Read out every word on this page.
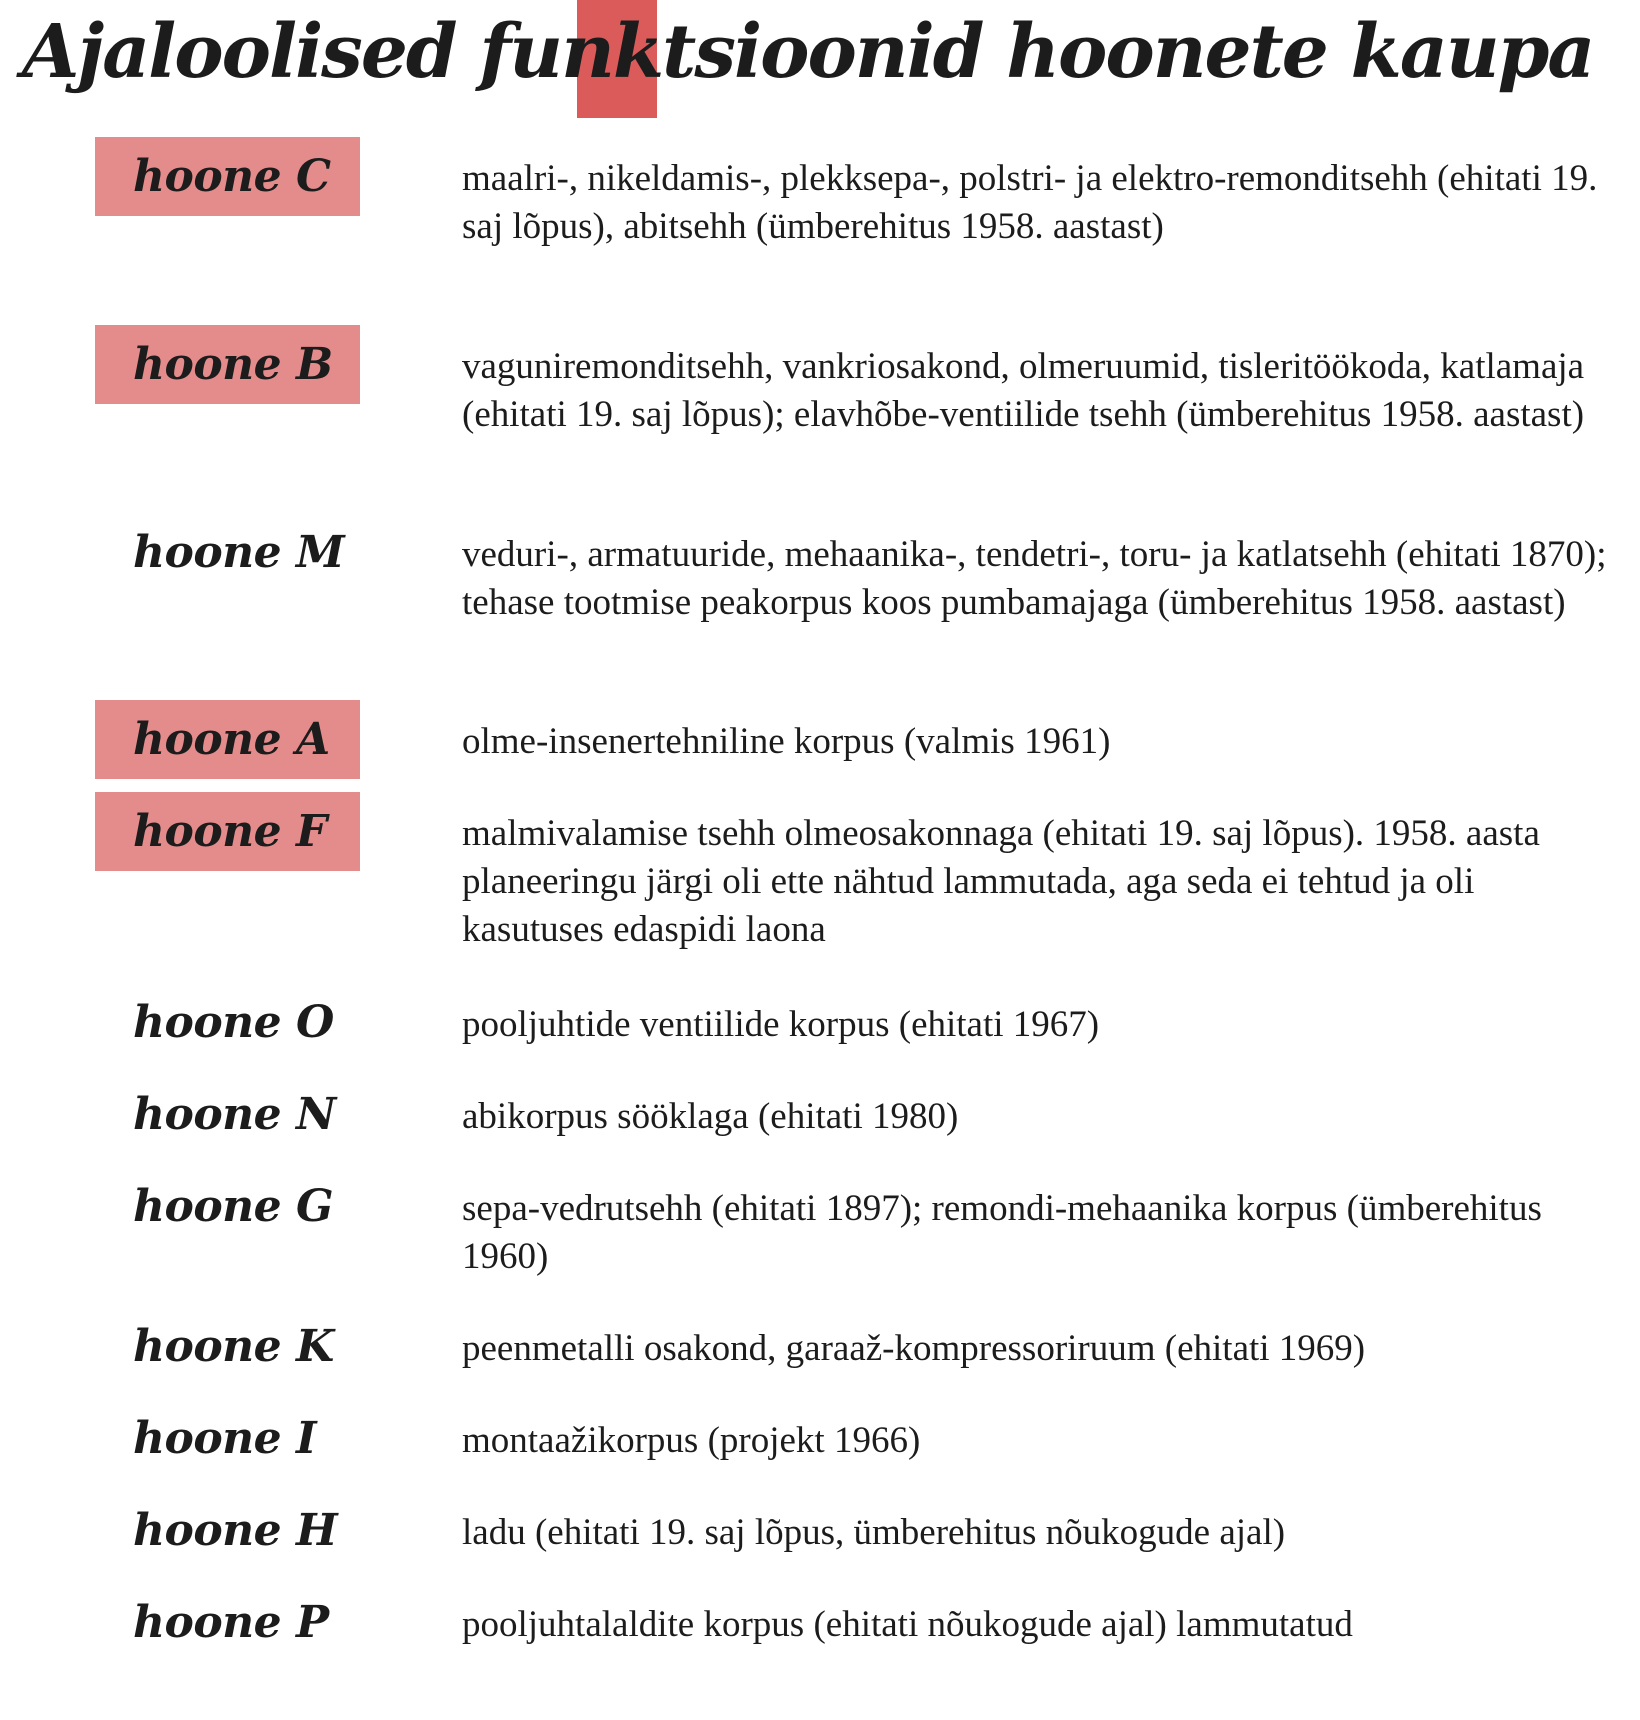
Ajaloolised funktsioonid hoonete kaupa
hoone C	maalri-, nikeldamis-, plekksepa-, polstri- ja elektro-remonditsehh (ehitati 19. saj lõpus), abitsehh (ümberehitus 1958. aastast)

hoone B	vaguniremonditsehh, vankriosakond, olmeruumid, tisleritöökoda, katlamaja (ehitati 19. saj lõpus); elavhõbe-ventiilide tsehh (ümberehitus 1958. aastast)

hoone M	veduri-, armatuuride, mehaanika-, tendetri-, toru- ja katlatsehh (ehitati 1870); tehase tootmise peakorpus koos pumbamajaga (ümberehitus 1958. aastast)

hoone A	olme-insenertehniline korpus (valmis 1961)

hoone F	malmivalamise tsehh olmeosakonnaga (ehitati 19. saj lõpus). 1958. aasta planeeringu järgi oli ette nähtud lammutada, aga seda ei tehtud ja oli kasutuses edaspidi laona

hoone O	pooljuhtide ventiilide korpus (ehitati 1967)

hoone N	abikorpus sööklaga (ehitati 1980)

hoone G	sepa-vedrutsehh (ehitati 1897); remondi-mehaanika korpus (ümberehitus 1960)

hoone K	peenmetalli osakond, garaaž-kompressoriruum (ehitati 1969)

hoone I	montaažikorpus (projekt 1966)

hoone H	ladu (ehitati 19. saj lõpus, ümberehitus nõukogude ajal)

hoone P	pooljuhtalaldite korpus (ehitati nõukogude ajal) lammutatud
